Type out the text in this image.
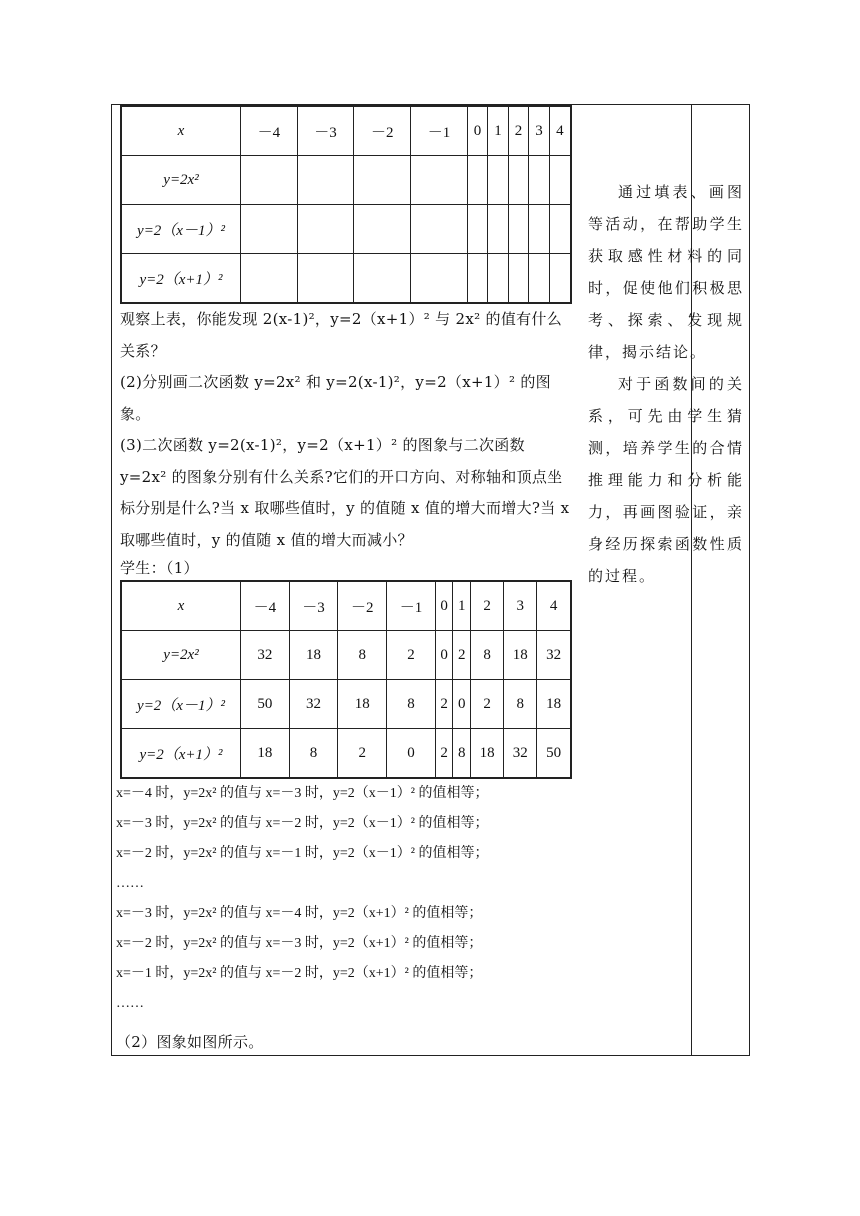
x	－4	－3	－2	－1	0	1	2	3	4
y=2x²									
y=2（x－1）²									
y=2（x+1）²									

观察上表，你能发现 2(x-1)²，y=2（x+1）² 与 2x² 的值有什么关系？

(2)分别画二次函数 y=2x² 和 y=2(x-1)²，y=2（x+1）² 的图象。

(3)二次函数 y=2(x-1)²，y=2（x+1）² 的图象与二次函数 y=2x² 的图象分别有什么关系?它们的开口方向、对称轴和顶点坐标分别是什么?当 x 取哪些值时，y 的值随 x 值的增大而增大?当 x 取哪些值时，y 的值随 x 值的增大而减小？

学生：（1）

x	－4	－3	－2	－1	0	1	2	3	4
y=2x²	32	18	8	2	0	2	8	18	32
y=2（x－1）²	50	32	18	8	2	0	2	8	18
y=2（x+1）²	18	8	2	0	2	8	18	32	50

x=－4 时，y=2x² 的值与 x=－3 时，y=2（x－1）² 的值相等；

x=－3 时，y=2x² 的值与 x=－2 时，y=2（x－1）² 的值相等；

x=－2 时，y=2x² 的值与 x=－1 时，y=2（x－1）² 的值相等；

……

x=－3 时，y=2x² 的值与 x=－4 时，y=2（x+1）² 的值相等；

x=－2 时，y=2x² 的值与 x=－3 时，y=2（x+1）² 的值相等；

x=－1 时，y=2x² 的值与 x=－2 时，y=2（x+1）² 的值相等；

……

（2）图象如图所示。

通过填表、画图等活动，在帮助学生获取感性材料的同时，促使他们积极思考、探索、发现规律，揭示结论。

对于函数间的关系，可先由学生猜测，培养学生的合情推理能力和分析能力，再画图验证，亲身经历探索函数性质的过程。
